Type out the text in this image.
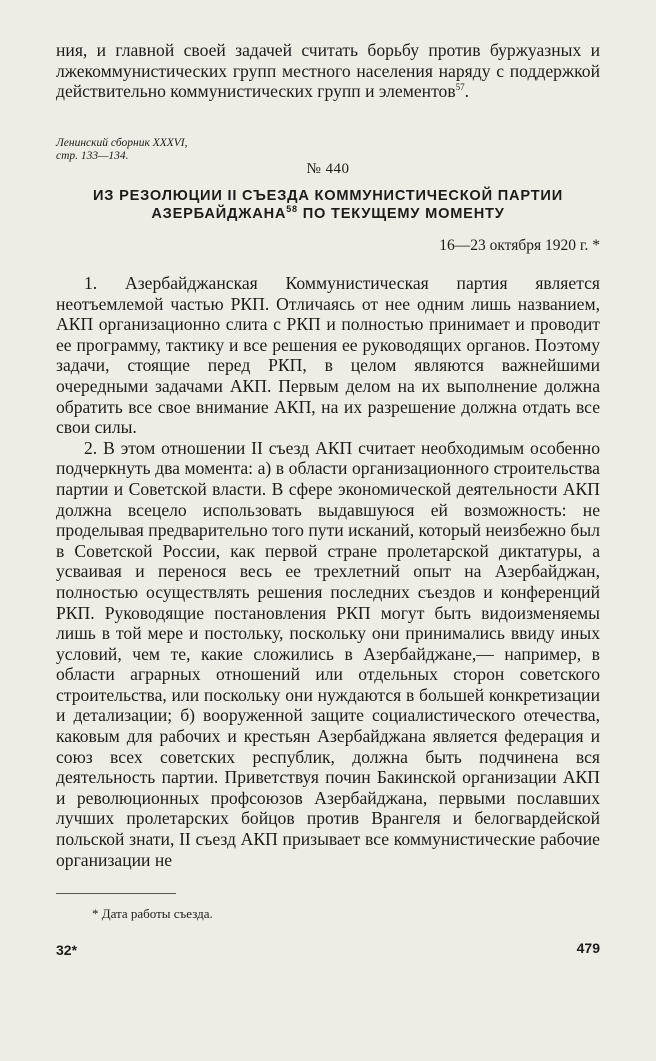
ния, и главной своей задачей считать борьбу против буржуазных и лжекоммунистических групп местного населения наряду с поддержкой действительно коммунистических групп и элементов$^{57}$.

Ленинский сборник XXXVI,
стр. 133—134.
№ 440
ИЗ РЕЗОЛЮЦИИ II СЪЕЗДА КОММУНИСТИЧЕСКОЙ ПАРТИИ АЗЕРБАЙДЖАНА$^{58}$ ПО ТЕКУЩЕМУ МОМЕНТУ
16—23 октября 1920 г. *

1. Азербайджанская Коммунистическая партия является неотъемлемой частью РКП. Отличаясь от нее одним лишь названием, АКП организационно слита с РКП и полностью принимает и проводит ее программу, тактику и все решения ее руководящих органов. Поэтому задачи, стоящие перед РКП, в целом являются важнейшими очередными задачами АКП. Первым делом на их выполнение должна обратить все свое внимание АКП, на их разрешение должна отдать все свои силы.

2. В этом отношении II съезд АКП считает необходимым особенно подчеркнуть два момента: а) в области организационного строительства партии и Советской власти. В сфере экономической деятельности АКП должна всецело использовать выдавшуюся ей возможность: не проделывая предварительно того пути исканий, который неизбежно был в Советской России, как первой стране пролетарской диктатуры, а усваивая и перенося весь ее трехлетний опыт на Азербайджан, полностью осуществлять решения последних съездов и конференций РКП. Руководящие постановления РКП могут быть видоизменяемы лишь в той мере и постольку, поскольку они принимались ввиду иных условий, чем те, какие сложились в Азербайджане,— например, в области аграрных отношений или отдельных сторон советского строительства, или поскольку они нуждаются в большей конкретизации и детализации; б) вооруженной защите социалистического отечества, каковым для рабочих и крестьян Азербайджана является федерация и союз всех советских республик, должна быть подчинена вся деятельность партии. Приветствуя почин Бакинской организации АКП и революционных профсоюзов Азербайджана, первыми пославших лучших пролетарских бойцов против Врангеля и белогвардейской польской знати, II съезд АКП призывает все коммунистические рабочие организации не

* Дата работы съезда.
32*	479
